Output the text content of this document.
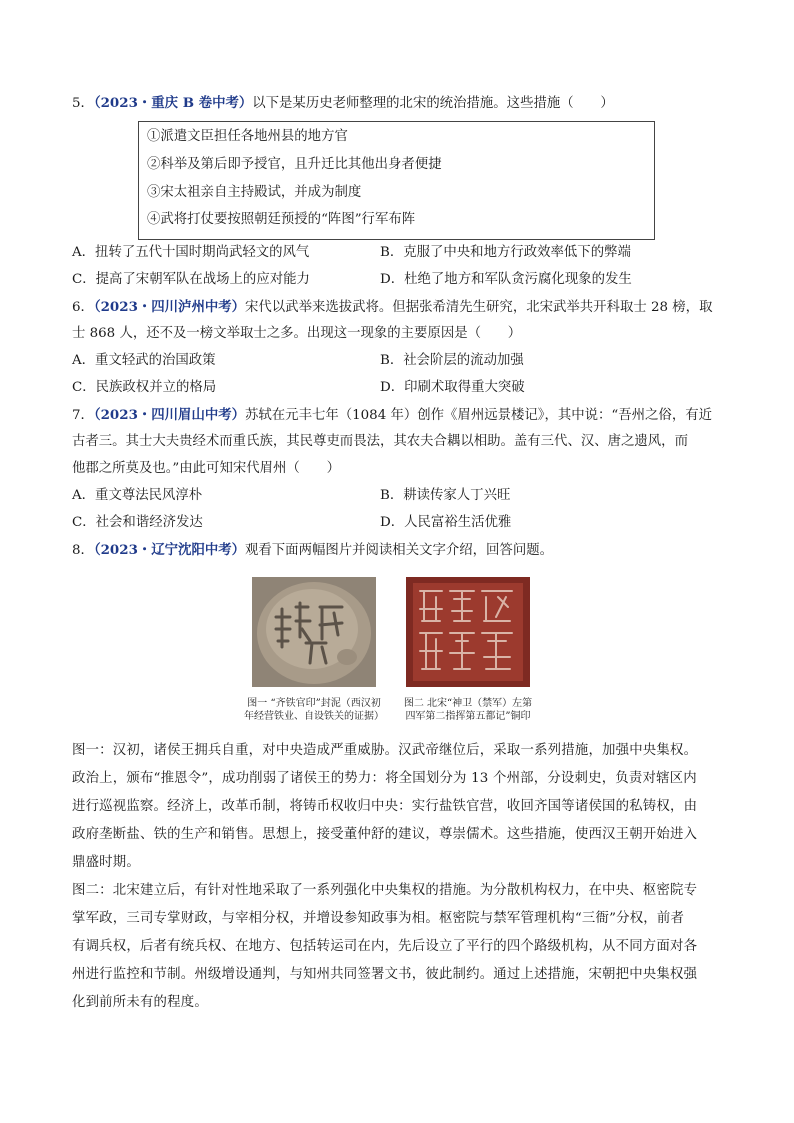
5．（2023・重庆 B 卷中考）以下是某历史老师整理的北宋的统治措施。这些措施（　　）
①派遣文臣担任各地州县的地方官
②科举及第后即予授官，且升迁比其他出身者便捷
③宋太祖亲自主持殿试，并成为制度
④武将打仗要按照朝廷预授的“阵图”行军布阵
A．扭转了五代十国时期尚武轻文的风气	B．克服了中央和地方行政效率低下的弊端
C．提高了宋朝军队在战场上的应对能力	D．杜绝了地方和军队贪污腐化现象的发生
6．（2023・四川泸州中考）宋代以武举来选拔武将。但据张希清先生研究，北宋武举共开科取士 28 榜，取
士 868 人，还不及一榜文举取士之多。出现这一现象的主要原因是（　　）
A．重文轻武的治国政策	B．社会阶层的流动加强
C．民族政权并立的格局	D．印刷术取得重大突破
7．（2023・四川眉山中考）苏轼在元丰七年（1084 年）创作《眉州远景楼记》，其中说：“吾州之俗，有近
古者三。其士大夫贵经术而重氏族，其民尊吏而畏法，其农夫合耦以相助。盖有三代、汉、唐之遗风，而
他郡之所莫及也。”由此可知宋代眉州（　　）
A．重文尊法民风淳朴	B．耕读传家人丁兴旺
C．社会和谐经济发达	D．人民富裕生活优雅
8．（2023・辽宁沈阳中考）观看下面两幅图片并阅读相关文字介绍，回答问题。
图一 “齐铁官印”封泥（西汉初
年经营铁业、自设铁关的证据）
图二 北宋“神卫（禁军）左第
四军第二指挥第五都记”铜印
图一：汉初，诸侯王拥兵自重，对中央造成严重威胁。汉武帝继位后，采取一系列措施，加强中央集权。
政治上，颁布“推恩令”，成功削弱了诸侯王的势力：将全国划分为 13 个州部，分设刺史，负责对辖区内
进行巡视监察。经济上，改革币制，将铸币权收归中央：实行盐铁官营，收回齐国等诸侯国的私铸权，由
政府垄断盐、铁的生产和销售。思想上，接受董仲舒的建议，尊崇儒术。这些措施，使西汉王朝开始进入
鼎盛时期。
图二：北宋建立后，有针对性地采取了一系列强化中央集权的措施。为分散机构权力，在中央、枢密院专
掌军政，三司专掌财政，与宰相分权，并增设参知政事为相。枢密院与禁军管理机构“三衙”分权，前者
有调兵权，后者有统兵权、在地方、包括转运司在内，先后设立了平行的四个路级机构，从不同方面对各
州进行监控和节制。州级增设通判，与知州共同签署文书，彼此制约。通过上述措施，宋朝把中央集权强
化到前所未有的程度。
